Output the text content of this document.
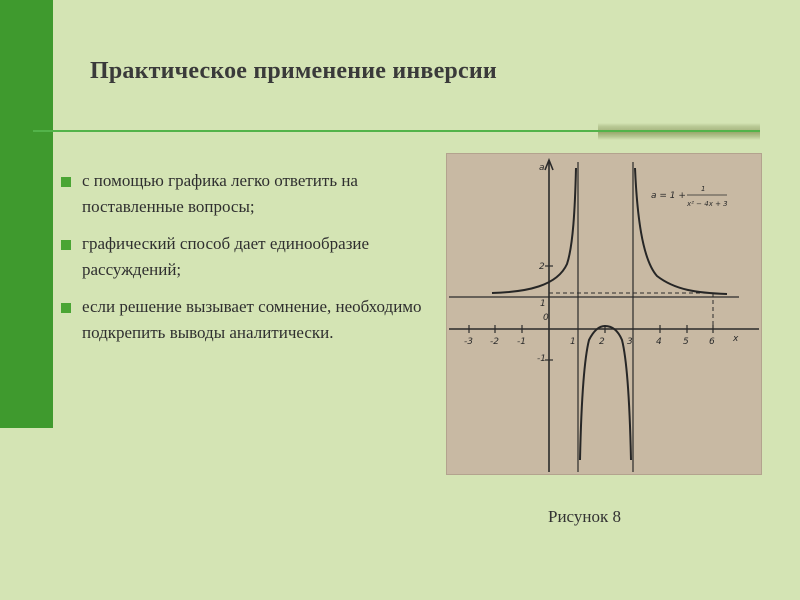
Практическое применение инверсии
с помощью графика легко ответить на поставленные вопросы;
графический способ дает единообразие рассуждений;
если решение вызывает сомнение, необходимо подкрепить выводы аналитически.	-3 -2 -1
0
1	2 3	4 5 6 x
a
2
1
-1
a = 1 +
1
x² − 4x + 3
Рисунок 8
